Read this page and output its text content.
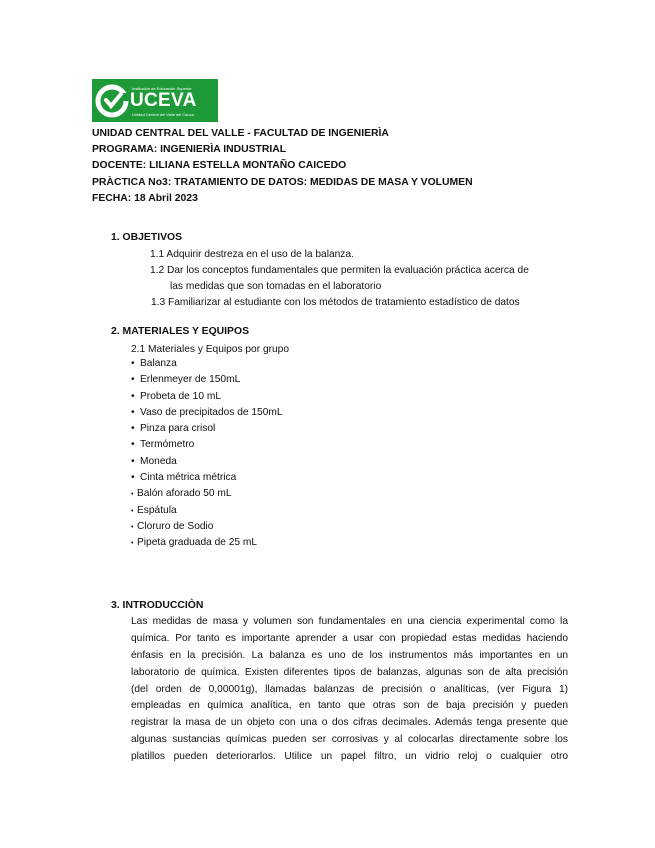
Institución de Educación Superior
UCEVA
Unidad Central del Valle del Cauca
UNIDAD CENTRAL DEL VALLE - FACULTAD DE INGENIERÌA
PROGRAMA: INGENIERÌA INDUSTRIAL
DOCENTE: LILIANA ESTELLA MONTAÑO CAICEDO
PRÀCTICA No3: TRATAMIENTO DE DATOS: MEDIDAS DE MASA Y VOLUMEN
FECHA: 18 Abril 2023
1. OBJETIVOS
1.1 Adquirir destreza en el uso de la balanza.
1.2 Dar los conceptos fundamentales que permiten la evaluación práctica acerca de
las medidas que son tomadas en el laboratorio
1.3 Familiarizar al estudiante con los métodos de tratamiento estadístico de datos
2. MATERIALES Y EQUIPOS
2.1 Materiales y Equipos por grupo
• Balanza
• Erlenmeyer de 150mL
• Probeta de 10 mL
• Vaso de precipitados de 150mL
• Pinza para crisol
• Termómetro
• Moneda
• Cinta métrica métrica
• Balón aforado 50 mL
• Espátula
• Cloruro de Sodio
• Pipeta graduada de 25 mL
3. INTRODUCCIÒN
Las medidas de masa y volumen son fundamentales en una ciencia experimental como la
química. Por tanto es importante aprender a usar con propiedad estas medidas haciendo
énfasis en la precisión. La balanza es uno de los instrumentos más importantes en un
laboratorio de química. Existen diferentes tipos de balanzas, algunas son de alta precisión
(del orden de 0,00001g), llamadas balanzas de precisión o analíticas, (ver Figura 1)
empleadas en química analítica, en tanto que otras son de baja precisión y pueden
registrar la masa de un objeto con una o dos cifras decimales. Además tenga presente que
algunas sustancias químicas pueden ser corrosivas y al colocarlas directamente sobre los
platillos pueden deteriorarlos. Utilice un papel filtro, un vidrio reloj o cualquier otro
